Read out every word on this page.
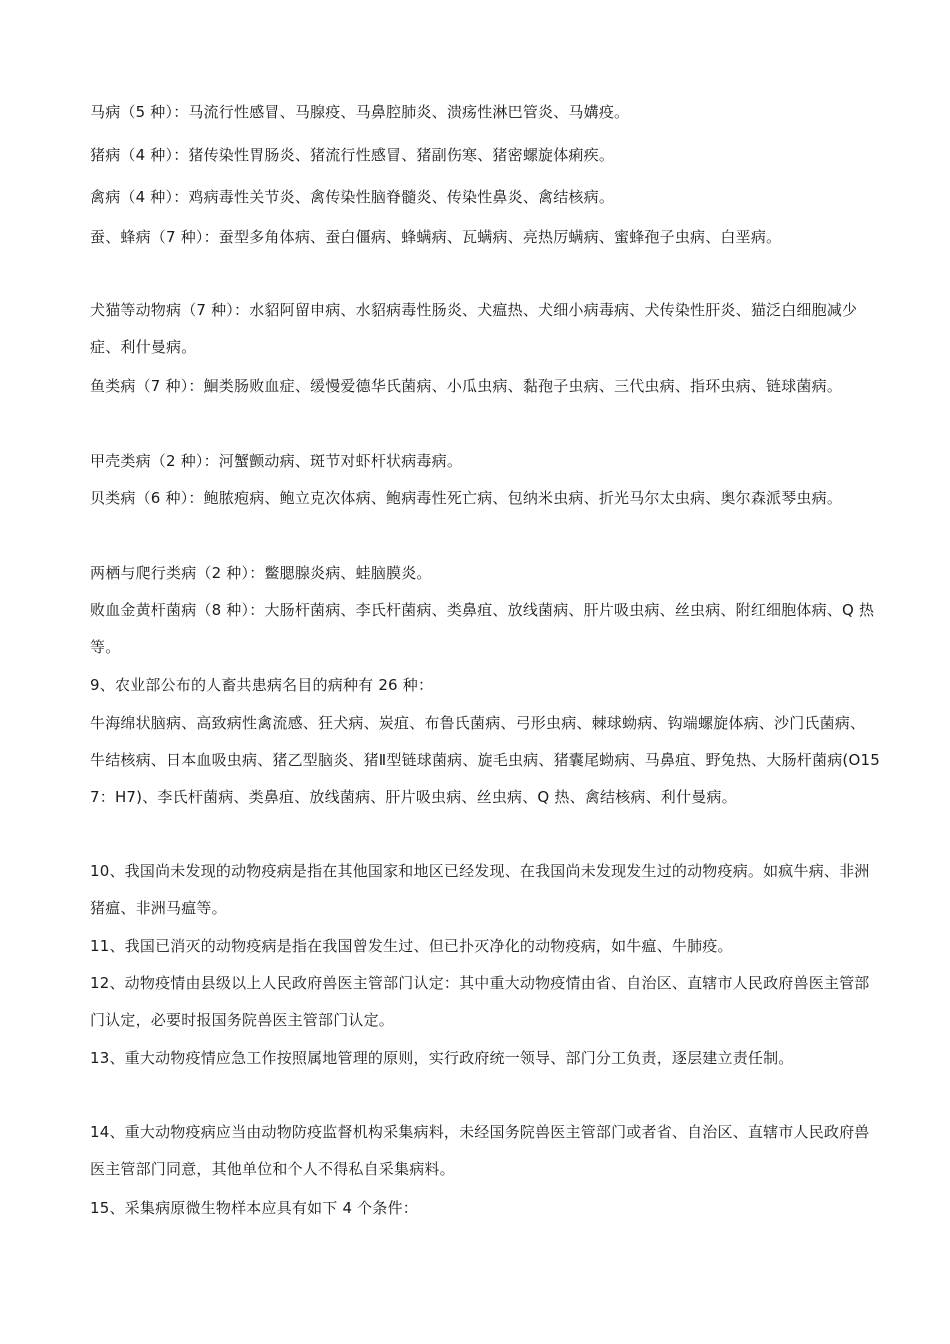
马病（5 种）：马流行性感冒、马腺疫、马鼻腔肺炎、溃疡性淋巴管炎、马媾疫。

猪病（4 种）：猪传染性胃肠炎、猪流行性感冒、猪副伤寒、猪密螺旋体痢疾。

禽病（4 种）：鸡病毒性关节炎、禽传染性脑脊髓炎、传染性鼻炎、禽结核病。

蚕、蜂病（7 种）：蚕型多角体病、蚕白僵病、蜂螨病、瓦螨病、亮热厉螨病、蜜蜂孢子虫病、白垩病。

犬猫等动物病（7 种）：水貂阿留申病、水貂病毒性肠炎、犬瘟热、犬细小病毒病、犬传染性肝炎、猫泛白细胞减少症、利什曼病。

鱼类病（7 种）：鮰类肠败血症、缓慢爱德华氏菌病、小瓜虫病、黏孢子虫病、三代虫病、指环虫病、链球菌病。

甲壳类病（2 种）：河蟹颤动病、斑节对虾杆状病毒病。

贝类病（6 种）：鲍脓疱病、鲍立克次体病、鲍病毒性死亡病、包纳米虫病、折光马尔太虫病、奥尔森派琴虫病。

两栖与爬行类病（2 种）：鳖腮腺炎病、蛙脑膜炎。

败血金黄杆菌病（8 种）：大肠杆菌病、李氏杆菌病、类鼻疽、放线菌病、肝片吸虫病、丝虫病、附红细胞体病、Q 热等。

9、农业部公布的人畜共患病名目的病种有 26 种：

牛海绵状脑病、高致病性禽流感、狂犬病、炭疽、布鲁氏菌病、弓形虫病、棘球蚴病、钩端螺旋体病、沙门氏菌病、牛结核病、日本血吸虫病、猪乙型脑炎、猪Ⅱ型链球菌病、旋毛虫病、猪囊尾蚴病、马鼻疽、野兔热、大肠杆菌病(O157：H7)、李氏杆菌病、类鼻疽、放线菌病、肝片吸虫病、丝虫病、Q 热、禽结核病、利什曼病。

10、我国尚未发现的动物疫病是指在其他国家和地区已经发现、在我国尚未发现发生过的动物疫病。如疯牛病、非洲猪瘟、非洲马瘟等。

11、我国已消灭的动物疫病是指在我国曾发生过、但已扑灭净化的动物疫病，如牛瘟、牛肺疫。

12、动物疫情由县级以上人民政府兽医主管部门认定：其中重大动物疫情由省、自治区、直辖市人民政府兽医主管部门认定，必要时报国务院兽医主管部门认定。

13、重大动物疫情应急工作按照属地管理的原则，实行政府统一领导、部门分工负责，逐层建立责任制。

14、重大动物疫病应当由动物防疫监督机构采集病料，未经国务院兽医主管部门或者省、自治区、直辖市人民政府兽医主管部门同意，其他单位和个人不得私自采集病料。

15、采集病原微生物样本应具有如下 4 个条件：
